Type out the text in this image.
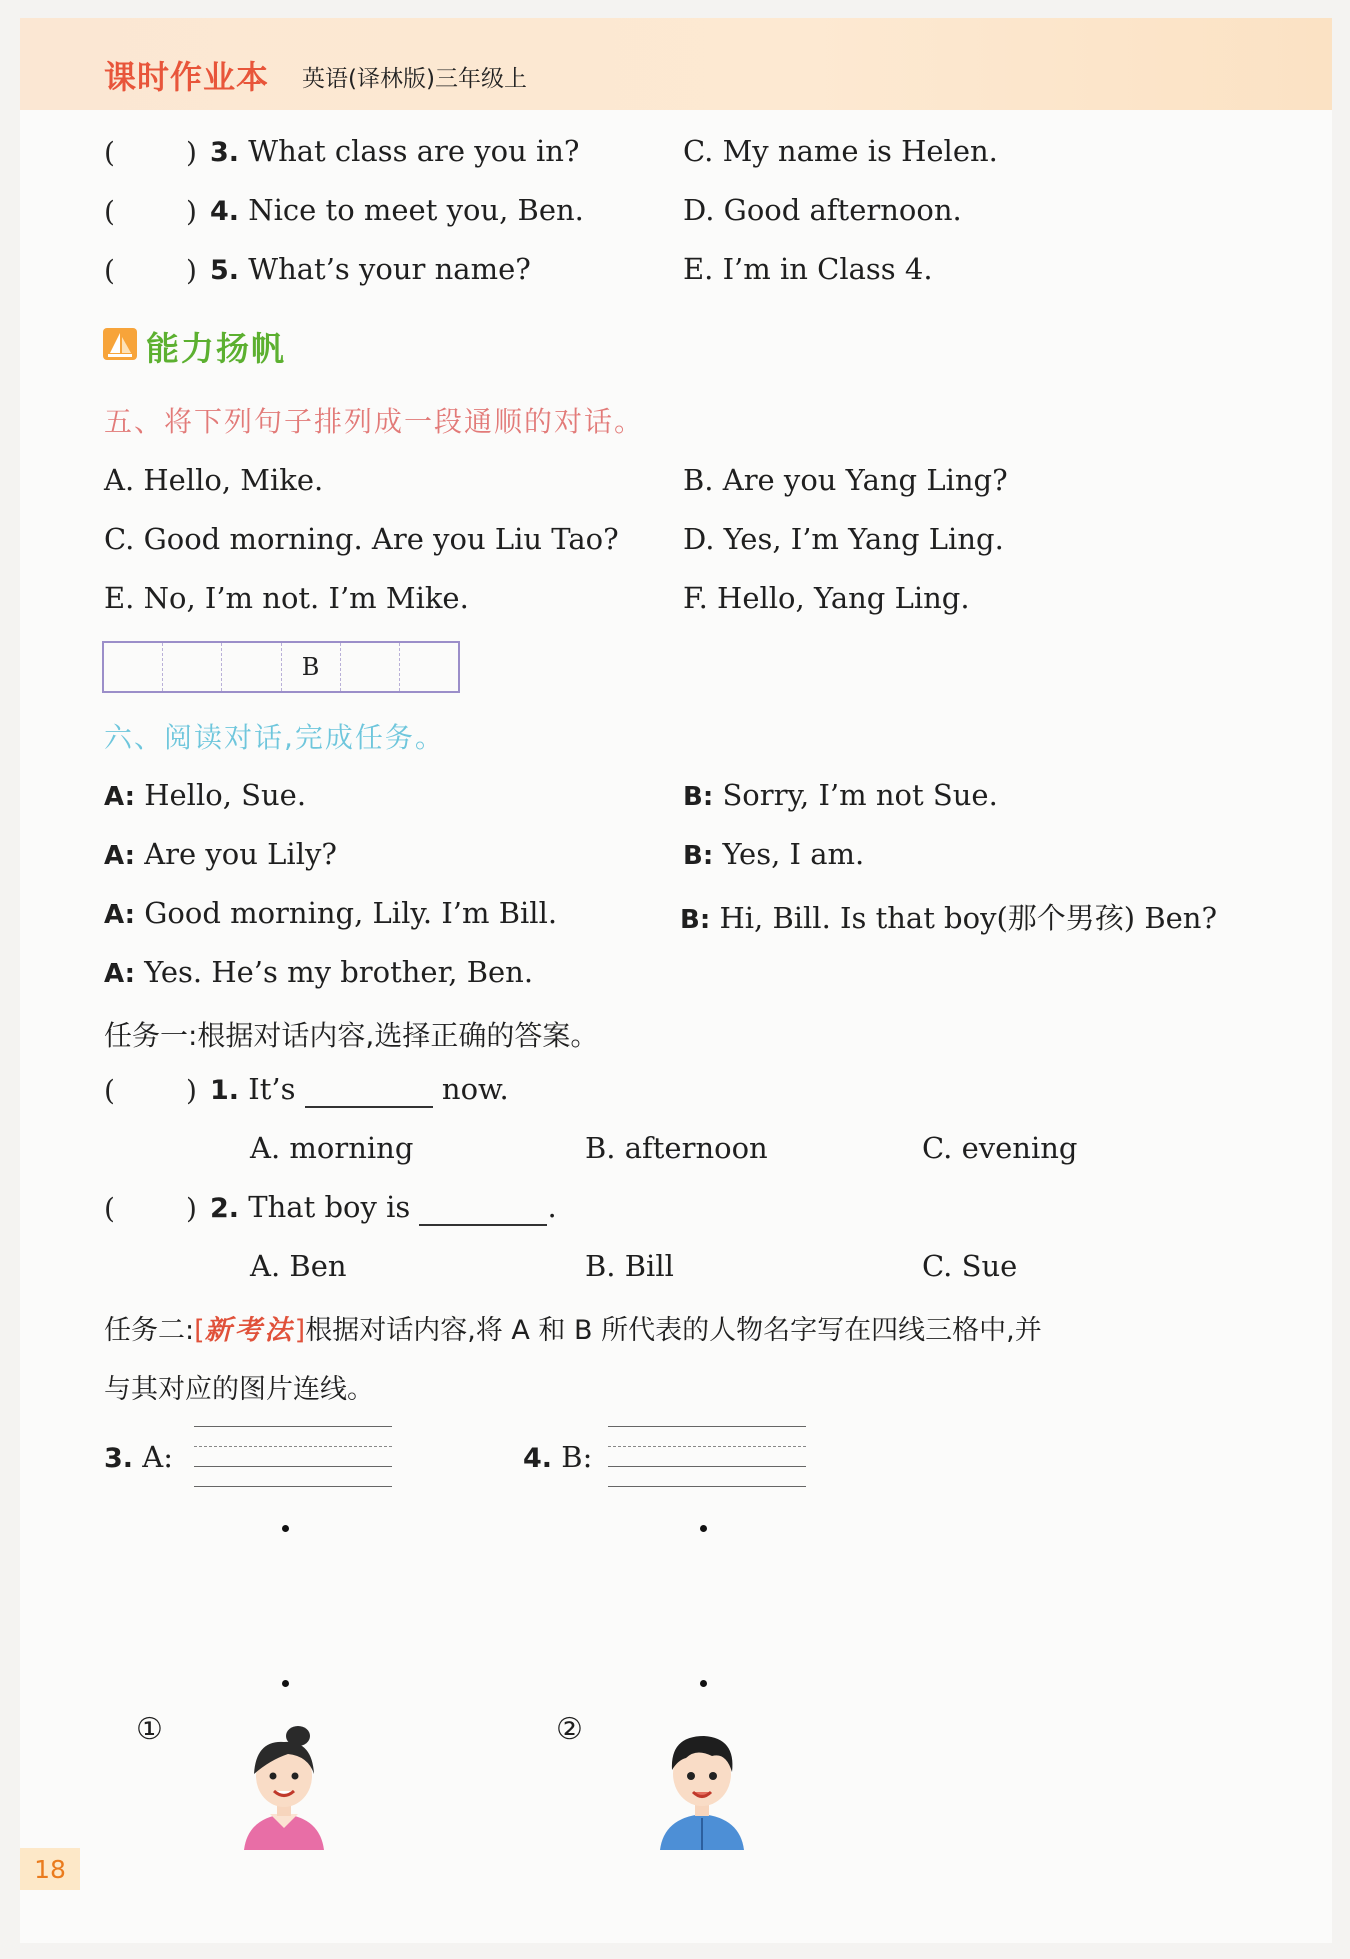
课时作业本 英语(译林版)三年级上
(	) 3. What class are you in?	C. My name is Helen.
(	) 4. Nice to meet you, Ben.	D. Good afternoon.
(	) 5. What’s your name?	E. I’m in Class 4.
能力扬帆
五、将下列句子排列成一段通顺的对话。
A. Hello, Mike.	B. Are you Yang Ling?
C. Good morning. Are you Liu Tao? D. Yes, I’m Yang Ling.
E. No, I’m not. I’m Mike.	F. Hello, Yang Ling.
B
六、阅读对话,完成任务。
A: Hello, Sue.	B: Sorry, I’m not Sue.
A: Are you Lily?	B: Yes, I am.
A: Good morning, Lily. I’m Bill.	B: Hi, Bill. Is that boy(那个男孩) Ben?
A: Yes. He’s my brother, Ben.
任务一:根据对话内容,选择正确的答案。
(	) 1. It’s	now.
A. morning	B. afternoon	C. evening
(	) 2. That boy is	.
A. Ben	B. Bill	C. Sue
任务二:[新考法]根据对话内容,将 A 和 B 所代表的人物名字写在四线三格中,并
与其对应的图片连线。
3. A:	4. B:
①	②
18
